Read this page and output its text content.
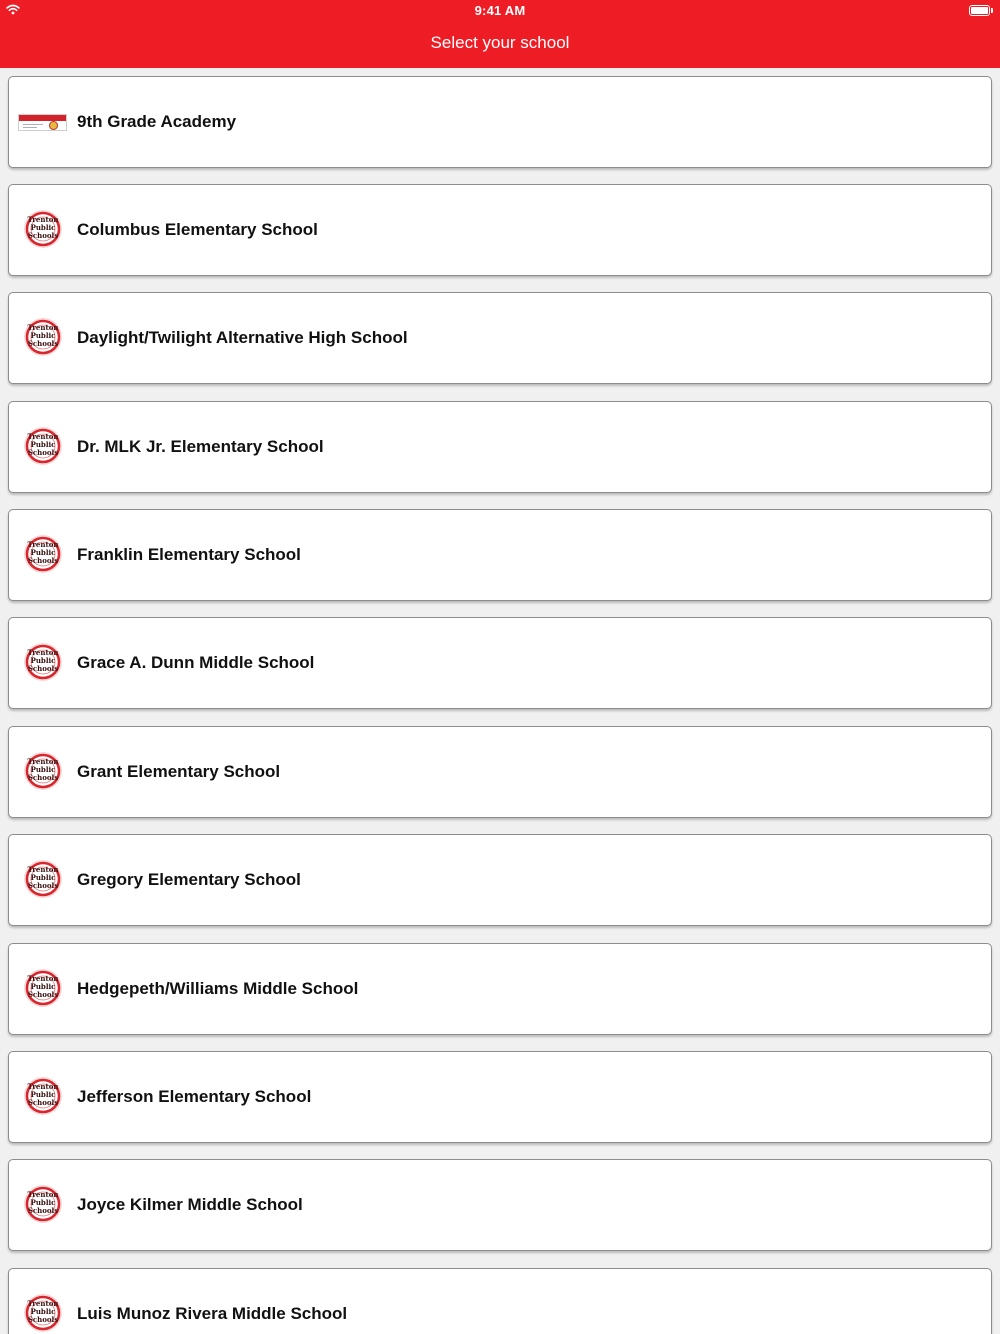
9:41 AM
Select your school
9th Grade Academy
Trenton
Public
Schools Columbus Elementary School
Trenton
Public
Schools Daylight/Twilight Alternative High School
Trenton
Public
Schools Dr. MLK Jr. Elementary School
Trenton
Public
Schools Franklin Elementary School
Trenton
Public
Schools Grace A. Dunn Middle School
Trenton
Public
Schools Grant Elementary School
Trenton
Public
Schools Gregory Elementary School
Trenton
Public
Schools Hedgepeth/Williams Middle School
Trenton
Public
Schools Jefferson Elementary School
Trenton
Public
Schools Joyce Kilmer Middle School
Trenton
Public
Schools Luis Munoz Rivera Middle School
